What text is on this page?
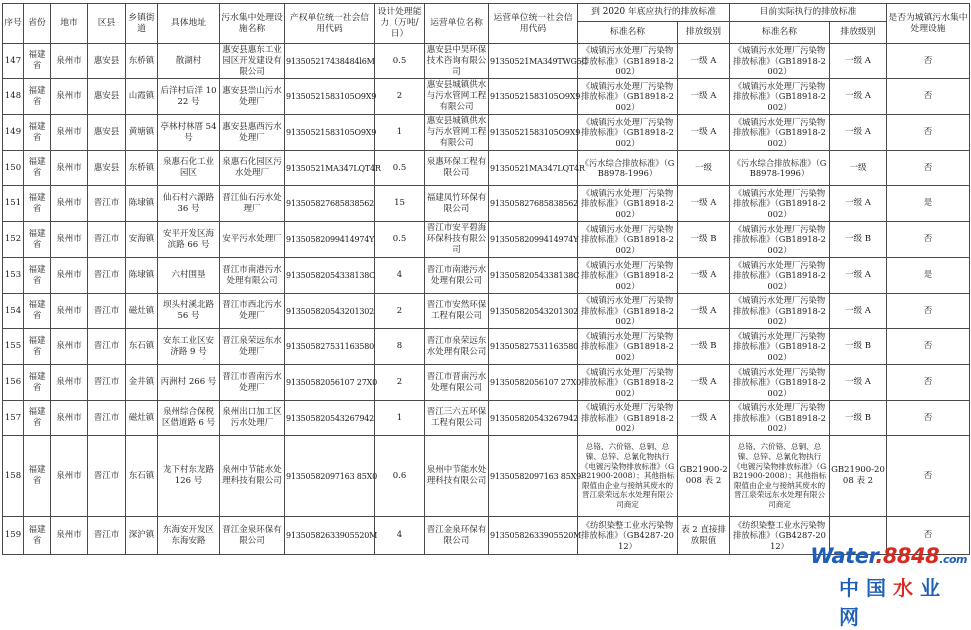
序号	省份	地市	区县	乡镇街道	具体地址	污水集中处理设施名称	产权单位统一社会信用代码	设计处理能力（万吨/日）	运营单位名称	运营单位统一社会信用代码	到 2020 年底应执行的排放标准		目前实际执行的排放标准		是否为城镇污水集中处理设施
											标准名称	排放级别	标准名称	排放级别	
147	福建省	泉州市	惠安县	东桥镇	散湖村	惠安县惠东工业园区开发建设有限公司	913505217438484l6M	0.5	惠安县中昊环保技术咨询有限公司	91350521MA349TWG5C	《城镇污水处理厂污染物排放标准》（GB18918-2002）	一级 A	《城镇污水处理厂污染物排放标准》（GB18918-2002）	一级 A	否
148	福建省	泉州市	惠安县	山霞镇	后洋村后洋 1022 号	惠安县崇山污水处理厂	91350521583105O9X9	2	惠安县城镇供水与污水管网工程有限公司	91350521583105O9X9	《城镇污水处理厂污染物排放标准》（GB18918-2002）	一级 A	《城镇污水处理厂污染物排放标准》（GB18918-2002）	一级 A	否
149	福建省	泉州市	惠安县	黄塘镇	亭林村林厝 54 号	惠安县惠西污水处理厂	91350521583105O9X9	1	惠安县城镇供水与污水管网工程有限公司	91350521583105O9X9	《城镇污水处理厂污染物排放标准》（GB18918-2002）	一级 A	《城镇污水处理厂污染物排放标准》（GB18918-2002）	一级 A	否
150	福建省	泉州市	惠安县	东桥镇	泉惠石化工业园区	泉惠石化园区污水处理厂	91350521MA347LQT4R	0.5	泉惠环保工程有限公司	91350521MA347LQT4R	《污水综合排放标准》（GB8978-1996）	一级	《污水综合排放标准》（GB8978-1996）	一级	否
151	福建省	泉州市	晋江市	陈埭镇	仙石村六源路 36 号	晋江仙石污水处理厂	913505827685838562	15	福建凤竹环保有限公司	913505827685838562	《城镇污水处理厂污染物排放标准》（GB18918-2002）	一级 A	《城镇污水处理厂污染物排放标准》（GB18918-2002）	一级 A	是
152	福建省	泉州市	晋江市	安海镇	安平开发区海滨路 66 号	安平污水处理厂	91350582099414974Y	0.5	晋江市安平碧海环保科技有限公司	91350582099414974Y	《城镇污水处理厂污染物排放标准》（GB18918-2002）	一级 B	《城镇污水处理厂污染物排放标准》（GB18918-2002）	一级 B	否
153	福建省	泉州市	晋江市	陈埭镇	六村围垦	晋江市南港污水处理有限公司	91350582054338138C	4	晋江市南港污水处理有限公司	91350582054338138C	《城镇污水处理厂污染物排放标准》（GB18918-2002）	一级 A	《城镇污水处理厂污染物排放标准》（GB18918-2002）	一级 A	是
154	福建省	泉州市	晋江市	磁灶镇	坝头村溪北路 56 号	晋江市西北污水处理厂	913505820543201302	2	晋江市安然环保工程有限公司	913505820543201302	《城镇污水处理厂污染物排放标准》（GB18918-2002）	一级 A	《城镇污水处理厂污染物排放标准》（GB18918-2002）	一级 A	否
155	福建省	泉州市	晋江市	东石镇	安东工业区安济路 9 号	晋江泉荣远东水处理厂	913505827531163580	8	晋江市泉荣远东水处理有限公司	913505827531163580	《城镇污水处理厂污染物排放标准》（GB18918-2002）	一级 B	《城镇污水处理厂污染物排放标准》（GB18918-2002）	一级 B	否
156	福建省	泉州市	晋江市	金井镇	丙洲村 266 号	晋江市晋南污水处理厂	91350582056107 27X0	2	晋江市晋南污水处理有限公司	91350582056107 27X0	《城镇污水处理厂污染物排放标准》（GB18918-2002）	一级 A	《城镇污水处理厂污染物排放标准》（GB18918-2002）	一级 A	否
157	福建省	泉州市	晋江市	磁灶镇	泉州综合保税区借道路 6 号	泉州出口加工区污水处理厂	913505820543267942	1	晋江三六五环保工程有限公司	913505820543267942	《城镇污水处理厂污染物排放标准》（GB18918-2002）	一级 A	《城镇污水处理厂污染物排放标准》（GB18918-2002）	一级 B	否
158	福建省	泉州市	晋江市	东石镇	龙下村东龙路 126 号	泉州中节能水处理科技有限公司	91350582097163 85X0	0.6	泉州中节能水处理科技有限公司	91350582097163 85X9	总铬、六价铬、总铜、总镍、总锌、总氰化物执行《电镀污染物排放标准》（GB21900-2008）；其他指标限值由企业与接纳其废水的晋江泉荣远东水处理有限公司商定	GB21900-2008 表 2	总铬、六价铬、总铜、总镍、总锌、总氰化物执行《电镀污染物排放标准》（GB21900-2008）；其他指标限值由企业与接纳其废水的晋江泉荣远东水处理有限公司商定	GB21900-2008 表 2	否
159	福建省	泉州市	晋江市	深沪镇	东海安开发区东海安路	晋江金泉环保有限公司	91350582633905520M	4	晋江金泉环保有限公司	91350582633905520M	《纺织染整工业水污染物排放标准》（GB4287-2012）	表 2 直接排放限值	《纺织染整工业水污染物排放标准》（GB4287-2012）		否
Water.8848.com
中国水业网
